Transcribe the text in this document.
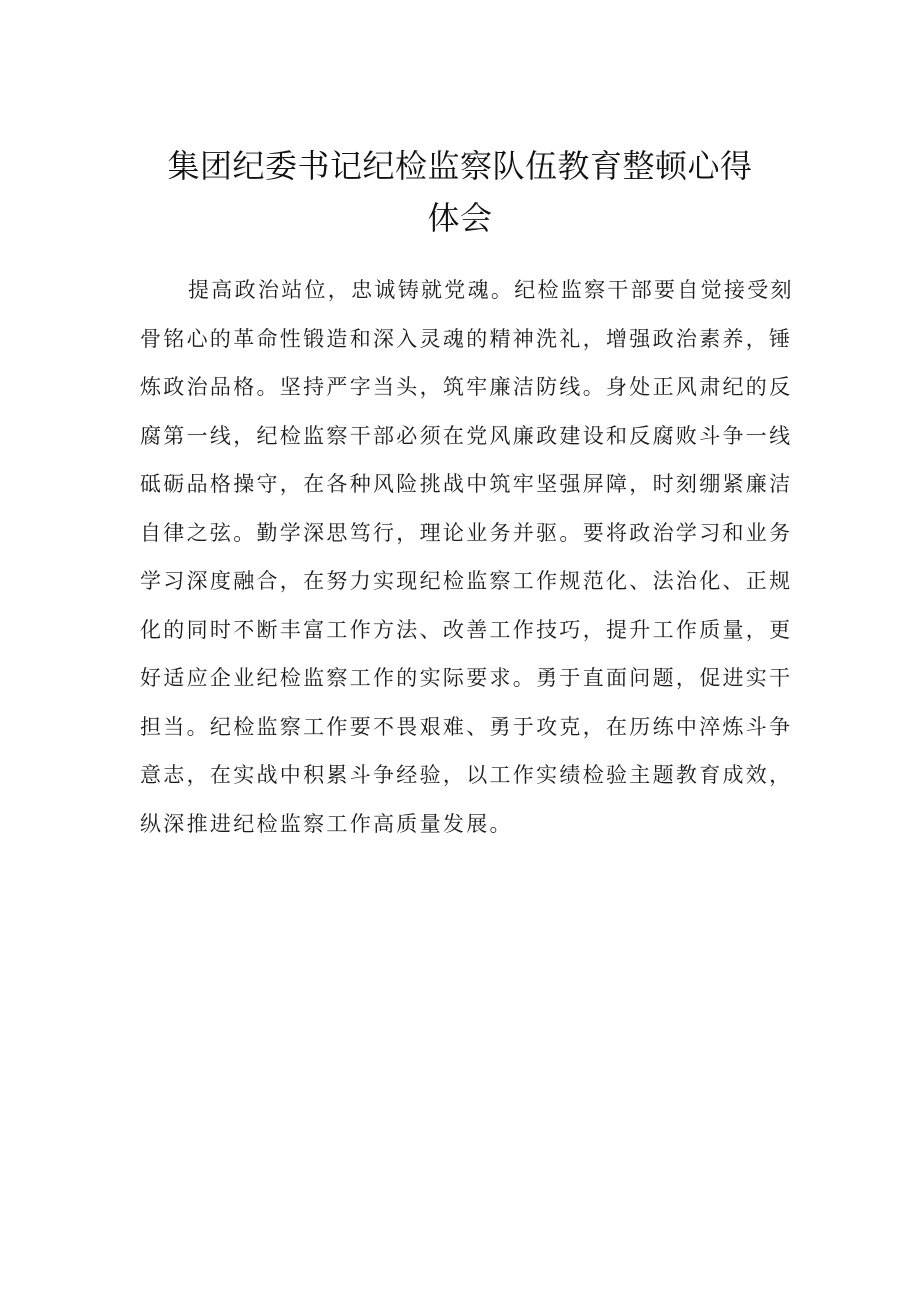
集团纪委书记纪检监察队伍教育整顿心得
体会
提高政治站位，忠诚铸就党魂。纪检监察干部要自觉接受刻
骨铭心的革命性锻造和深入灵魂的精神洗礼，增强政治素养，锤
炼政治品格。坚持严字当头，筑牢廉洁防线。身处正风肃纪的反
腐第一线，纪检监察干部必须在党风廉政建设和反腐败斗争一线
砥砺品格操守，在各种风险挑战中筑牢坚强屏障，时刻绷紧廉洁
自律之弦。勤学深思笃行，理论业务并驱。要将政治学习和业务
学习深度融合，在努力实现纪检监察工作规范化、法治化、正规
化的同时不断丰富工作方法、改善工作技巧，提升工作质量，更
好适应企业纪检监察工作的实际要求。勇于直面问题，促进实干
担当。纪检监察工作要不畏艰难、勇于攻克，在历练中淬炼斗争
意志，在实战中积累斗争经验，以工作实绩检验主题教育成效，
纵深推进纪检监察工作高质量发展。
